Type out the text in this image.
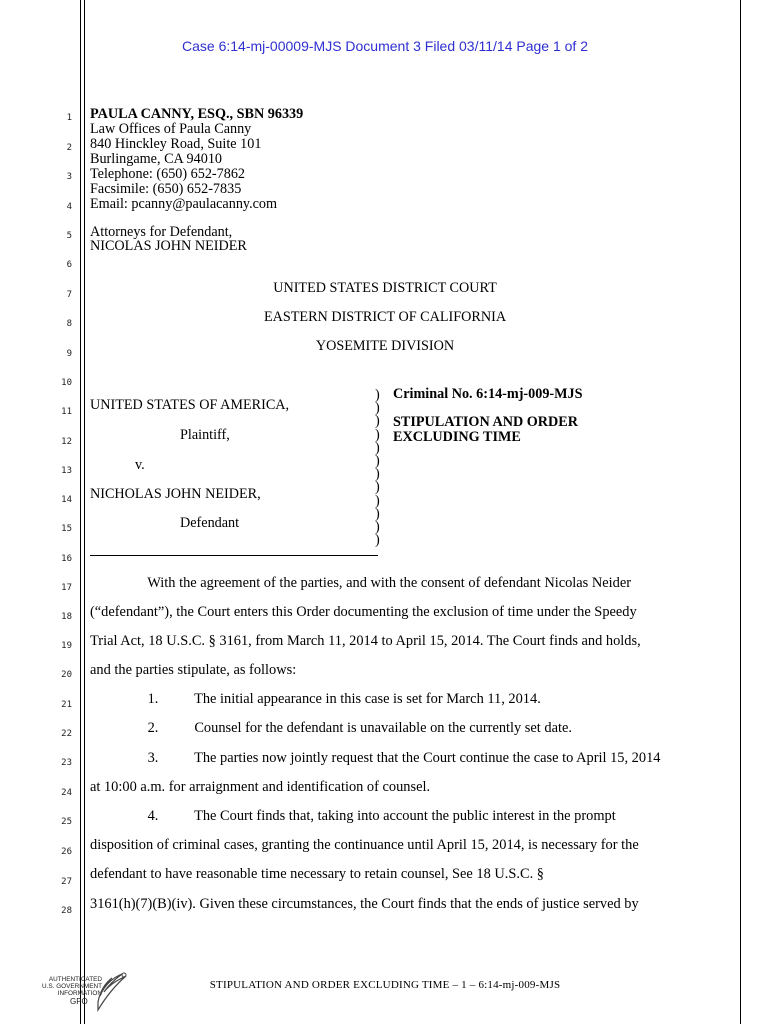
Case 6:14-mj-00009-MJS Document 3 Filed 03/11/14 Page 1 of 2
1
2
3
4
5
6
7
8
9
10
11
12
13
14
15
16
17
18
19
20
21
22
23
24
25
26
27
28
PAULA CANNY, ESQ., SBN 96339
Law Offices of Paula Canny
840 Hinckley Road, Suite 101
Burlingame, CA 94010
Telephone: (650) 652-7862
Facsimile: (650) 652-7835
Email: pcanny@paulacanny.com
Attorneys for Defendant,
NICOLAS JOHN NEIDER
UNITED STATES DISTRICT COURT
EASTERN DISTRICT OF CALIFORNIA
YOSEMITE DIVISION
UNITED STATES OF AMERICA,
Plaintiff,
v.
NICHOLAS JOHN NEIDER,
Defendant
)
)
)
)
)
)
)
)
)
)
)
)
Criminal No. 6:14-mj-009-MJS
STIPULATION AND ORDER
EXCLUDING TIME
With the agreement of the parties, and with the consent of defendant Nicolas Neider
(“defendant”), the Court enters this Order documenting the exclusion of time under the Speedy
Trial Act, 18 U.S.C. § 3161, from March 11, 2014 to April 15, 2014. The Court finds and holds,
and the parties stipulate, as follows:
1.          The initial appearance in this case is set for March 11, 2014.
2.          Counsel for the defendant is unavailable on the currently set date.
3.          The parties now jointly request that the Court continue the case to April 15, 2014
at 10:00 a.m. for arraignment and identification of counsel.
4.          The Court finds that, taking into account the public interest in the prompt
disposition of criminal cases, granting the continuance until April 15, 2014, is necessary for the
defendant to have reasonable time necessary to retain counsel, See 18 U.S.C. §
3161(h)(7)(B)(iv). Given these circumstances, the Court finds that the ends of justice served by
AUTHENTICATED
U.S. GOVERNMENT
INFORMATION
GPO
STIPULATION AND ORDER EXCLUDING TIME – 1 – 6:14-mj-009-MJS
